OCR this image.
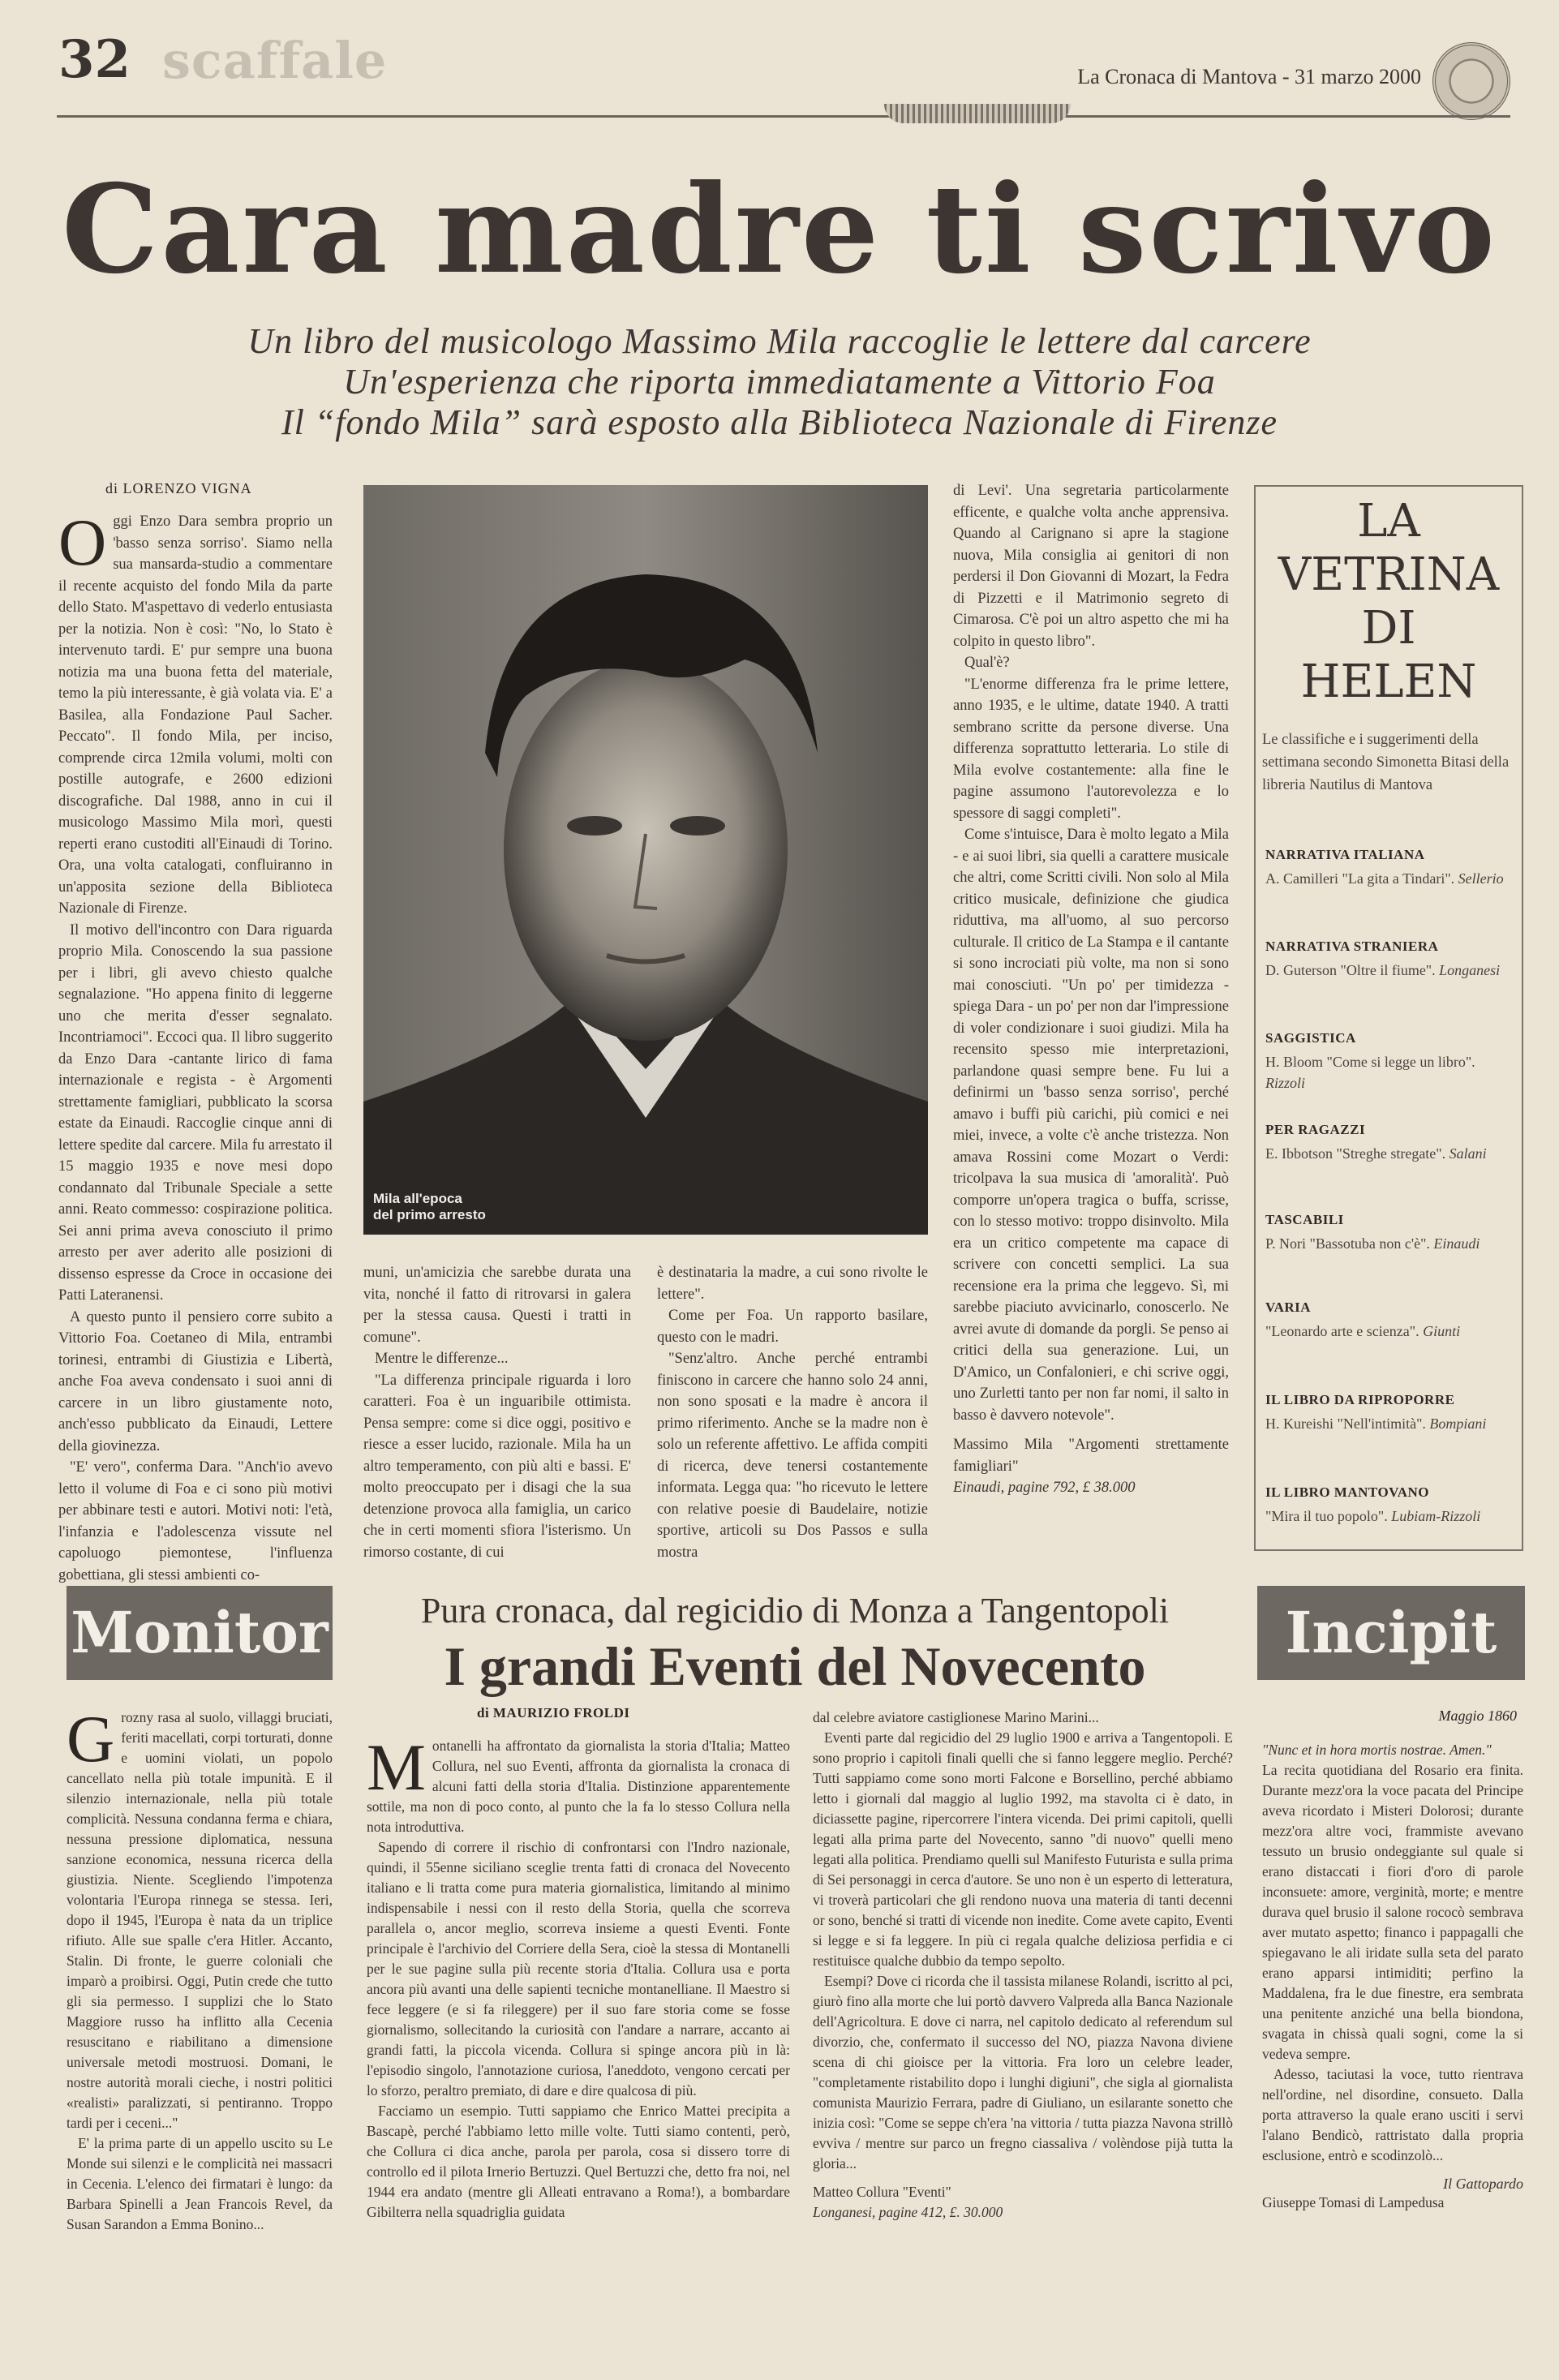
32 scaffale	La Cronaca di Mantova - 31 marzo 2000
Cara madre ti scrivo
Un libro del musicologo Massimo Mila raccoglie le lettere dal carcere
Un'esperienza che riporta immediatamente a Vittorio Foa
Il “fondo Mila” sarà esposto alla Biblioteca Nazionale di Firenze
di LORENZO VIGNA

Oggi Enzo Dara sembra proprio un 'basso senza sorriso'. Siamo nella sua mansarda-studio a commentare il recente acquisto del fondo Mila da parte dello Stato. M'aspettavo di vederlo entusiasta per la notizia. Non è così: "No, lo Stato è intervenuto tardi. E' pur sempre una buona notizia ma una buona fetta del materiale, temo la più interessante, è già volata via. E' a Basilea, alla Fondazione Paul Sacher. Peccato". Il fondo Mila, per inciso, comprende circa 12mila volumi, molti con postille autografe, e 2600 edizioni discografiche. Dal 1988, anno in cui il musicologo Massimo Mila morì, questi reperti erano custoditi all'Einaudi di Torino. Ora, una volta catalogati, confluiranno in un'apposita sezione della Biblioteca Nazionale di Firenze.

Il motivo dell'incontro con Dara riguarda proprio Mila. Conoscendo la sua passione per i libri, gli avevo chiesto qualche segnalazione. "Ho appena finito di leggerne uno che merita d'esser segnalato. Incontriamoci". Eccoci qua. Il libro suggerito da Enzo Dara -cantante lirico di fama internazionale e regista - è Argomenti strettamente famigliari, pubblicato la scorsa estate da Einaudi. Raccoglie cinque anni di lettere spedite dal carcere. Mila fu arrestato il 15 maggio 1935 e nove mesi dopo condannato dal Tribunale Speciale a sette anni. Reato commesso: cospirazione politica. Sei anni prima aveva conosciuto il primo arresto per aver aderito alle posizioni di dissenso espresse da Croce in occasione dei Patti Lateranensi.

A questo punto il pensiero corre subito a Vittorio Foa. Coetaneo di Mila, entrambi torinesi, entrambi di Giustizia e Libertà, anche Foa aveva condensato i suoi anni di carcere in un libro giustamente noto, anch'esso pubblicato da Einaudi, Lettere della giovinezza.

"E' vero", conferma Dara. "Anch'io avevo letto il volume di Foa e ci sono più motivi per abbinare testi e autori. Motivi noti: l'età, l'infanzia e l'adolescenza vissute nel capoluogo piemontese, l'influenza gobettiana, gli stessi ambienti co-

Mila all'epoca
del primo arresto

muni, un'amicizia che sarebbe durata una vita, nonché il fatto di ritrovarsi in galera per la stessa causa. Questi i tratti in comune".

Mentre le differenze...

"La differenza principale riguarda i loro caratteri. Foa è un inguaribile ottimista. Pensa sempre: come si dice oggi, positivo e riesce a esser lucido, razionale. Mila ha un altro temperamento, con più alti e bassi. E' molto preoccupato per i disagi che la sua detenzione provoca alla famiglia, un carico che in certi momenti sfiora l'isterismo. Un rimorso costante, di cui

è destinataria la madre, a cui sono rivolte le lettere".

Come per Foa. Un rapporto basilare, questo con le madri.

"Senz'altro. Anche perché entrambi finiscono in carcere che hanno solo 24 anni, non sono sposati e la madre è ancora il primo riferimento. Anche se la madre non è solo un referente affettivo. Le affida compiti di ricerca, deve tenersi costantemente informata. Legga qua: "ho ricevuto le lettere con relative poesie di Baudelaire, notizie sportive, articoli su Dos Passos e sulla mostra

di Levi'. Una segretaria particolarmente efficente, e qualche volta anche apprensiva. Quando al Carignano si apre la stagione nuova, Mila consiglia ai genitori di non perdersi il Don Giovanni di Mozart, la Fedra di Pizzetti e il Matrimonio segreto di Cimarosa. C'è poi un altro aspetto che mi ha colpito in questo libro".

Qual'è?

"L'enorme differenza fra le prime lettere, anno 1935, e le ultime, datate 1940. A tratti sembrano scritte da persone diverse. Una differenza soprattutto letteraria. Lo stile di Mila evolve costantemente: alla fine le pagine assumono l'autorevolezza e lo spessore di saggi completi".

Come s'intuisce, Dara è molto legato a Mila - e ai suoi libri, sia quelli a carattere musicale che altri, come Scritti civili. Non solo al Mila critico musicale, definizione che giudica riduttiva, ma all'uomo, al suo percorso culturale. Il critico de La Stampa e il cantante si sono incrociati più volte, ma non si sono mai conosciuti. "Un po' per timidezza - spiega Dara - un po' per non dar l'impressione di voler condizionare i suoi giudizi. Mila ha recensito spesso mie interpretazioni, parlandone quasi sempre bene. Fu lui a definirmi un 'basso senza sorriso', perché amavo i buffi più carichi, più comici e nei miei, invece, a volte c'è anche tristezza. Non amava Rossini come Mozart o Verdi: tricolpava la sua musica di 'amoralità'. Può comporre un'opera tragica o buffa, scrisse, con lo stesso motivo: troppo disinvolto. Mila era un critico competente ma capace di scrivere con concetti semplici. La sua recensione era la prima che leggevo. Sì, mi sarebbe piaciuto avvicinarlo, conoscerlo. Ne avrei avute di domande da porgli. Se penso ai critici della sua generazione. Lui, un D'Amico, un Confalonieri, e chi scrive oggi, uno Zurletti tanto per non far nomi, il salto in basso è davvero notevole".

Massimo Mila "Argomenti strettamente famigliari"

Einaudi, pagine 792, £ 38.000

LA
VETRINA
DI
HELEN
Le classifiche e i suggerimenti della settimana secondo Simonetta Bitasi della libreria Nautilus di Mantova
NARRATIVA ITALIANA
A. Camilleri "La gita a Tindari". Sellerio
NARRATIVA STRANIERA
D. Guterson "Oltre il fiume". Longanesi
SAGGISTICA
H. Bloom "Come si legge un libro". Rizzoli
PER RAGAZZI
E. Ibbotson "Streghe stregate". Salani
TASCABILI
P. Nori "Bassotuba non c'è". Einaudi
VARIA
"Leonardo arte e scienza". Giunti
IL LIBRO DA RIPROPORRE
H. Kureishi "Nell'intimità". Bompiani
IL LIBRO MANTOVANO
"Mira il tuo popolo". Lubiam-Rizzoli
Monitor	Incipit
Pura cronaca, dal regicidio di Monza a Tangentopoli
I grandi Eventi del Novecento
di MAURIZIO FROLDI

Grozny rasa al suolo, villaggi bruciati, feriti macellati, corpi torturati, donne e uomini violati, un popolo cancellato nella più totale impunità. E il silenzio internazionale, nella più totale complicità. Nessuna condanna ferma e chiara, nessuna pressione diplomatica, nessuna sanzione economica, nessuna ricerca della giustizia. Niente. Scegliendo l'impotenza volontaria l'Europa rinnega se stessa. Ieri, dopo il 1945, l'Europa è nata da un triplice rifiuto. Alle sue spalle c'era Hitler. Accanto, Stalin. Di fronte, le guerre coloniali che imparò a proibirsi. Oggi, Putin crede che tutto gli sia permesso. I supplizi che lo Stato Maggiore russo ha inflitto alla Cecenia resuscitano e riabilitano a dimensione universale metodi mostruosi. Domani, le nostre autorità morali cieche, i nostri politici «realisti» paralizzati, si pentiranno. Troppo tardi per i ceceni..."

E' la prima parte di un appello uscito su Le Monde sui silenzi e le complicità nei massacri in Cecenia. L'elenco dei firmatari è lungo: da Barbara Spinelli a Jean Francois Revel, da Susan Sarandon a Emma Bonino...

Montanelli ha affrontato da giornalista la storia d'Italia; Matteo Collura, nel suo Eventi, affronta da giornalista la cronaca di alcuni fatti della storia d'Italia. Distinzione apparentemente sottile, ma non di poco conto, al punto che la fa lo stesso Collura nella nota introduttiva.

Sapendo di correre il rischio di confrontarsi con l'Indro nazionale, quindi, il 55enne siciliano sceglie trenta fatti di cronaca del Novecento italiano e li tratta come pura materia giornalistica, limitando al minimo indispensabile i nessi con il resto della Storia, quella che scorreva parallela o, ancor meglio, scorreva insieme a questi Eventi. Fonte principale è l'archivio del Corriere della Sera, cioè la stessa di Montanelli per le sue pagine sulla più recente storia d'Italia. Collura usa e porta ancora più avanti una delle sapienti tecniche montanelliane. Il Maestro si fece leggere (e si fa rileggere) per il suo fare storia come se fosse giornalismo, sollecitando la curiosità con l'andare a narrare, accanto ai grandi fatti, la piccola vicenda. Collura si spinge ancora più in là: l'episodio singolo, l'annotazione curiosa, l'aneddoto, vengono cercati per lo sforzo, peraltro premiato, di dare e dire qualcosa di più.

Facciamo un esempio. Tutti sappiamo che Enrico Mattei precipita a Bascapè, perché l'abbiamo letto mille volte. Tutti siamo contenti, però, che Collura ci dica anche, parola per parola, cosa si dissero torre di controllo ed il pilota Irnerio Bertuzzi. Quel Bertuzzi che, detto fra noi, nel 1944 era andato (mentre gli Alleati entravano a Roma!), a bombardare Gibilterra nella squadriglia guidata

dal celebre aviatore castiglionese Marino Marini...

Eventi parte dal regicidio del 29 luglio 1900 e arriva a Tangentopoli. E sono proprio i capitoli finali quelli che si fanno leggere meglio. Perché? Tutti sappiamo come sono morti Falcone e Borsellino, perché abbiamo letto i giornali dal maggio al luglio 1992, ma stavolta ci è dato, in diciassette pagine, ripercorrere l'intera vicenda. Dei primi capitoli, quelli legati alla prima parte del Novecento, sanno "di nuovo" quelli meno legati alla politica. Prendiamo quelli sul Manifesto Futurista e sulla prima di Sei personaggi in cerca d'autore. Se uno non è un esperto di letteratura, vi troverà particolari che gli rendono nuova una materia di tanti decenni or sono, benché si tratti di vicende non inedite. Come avete capito, Eventi si legge e si fa leggere. In più ci regala qualche deliziosa perfidia e ci restituisce qualche dubbio da tempo sepolto.

Esempi? Dove ci ricorda che il tassista milanese Rolandi, iscritto al pci, giurò fino alla morte che lui portò davvero Valpreda alla Banca Nazionale dell'Agricoltura. E dove ci narra, nel capitolo dedicato al referendum sul divorzio, che, confermato il successo del NO, piazza Navona diviene scena di chi gioisce per la vittoria. Fra loro un celebre leader, "completamente ristabilito dopo i lunghi digiuni", che sigla al giornalista comunista Maurizio Ferrara, padre di Giuliano, un esilarante sonetto che inizia così: "Come se seppe ch'era 'na vittoria / tutta piazza Navona strillò evviva / mentre sur parco un fregno ciassaliva / volèndose pijà tutta la gloria...

Matteo Collura "Eventi"

Longanesi, pagine 412, £. 30.000

Maggio 1860

"Nunc et in hora mortis nostrae. Amen."

La recita quotidiana del Rosario era finita. Durante mezz'ora la voce pacata del Principe aveva ricordato i Misteri Dolorosi; durante mezz'ora altre voci, frammiste avevano tessuto un brusio ondeggiante sul quale si erano distaccati i fiori d'oro di parole inconsuete: amore, verginità, morte; e mentre durava quel brusio il salone rococò sembrava aver mutato aspetto; financo i pappagalli che spiegavano le ali iridate sulla seta del parato erano apparsi intimiditi; perfino la Maddalena, fra le due finestre, era sembrata una penitente anziché una bella biondona, svagata in chissà quali sogni, come la si vedeva sempre.

Adesso, taciutasi la voce, tutto rientrava nell'ordine, nel disordine, consueto. Dalla porta attraverso la quale erano usciti i servi l'alano Bendicò, rattristato dalla propria esclusione, entrò e scodinzolò...

Il Gattopardo

Giuseppe Tomasi di Lampedusa
